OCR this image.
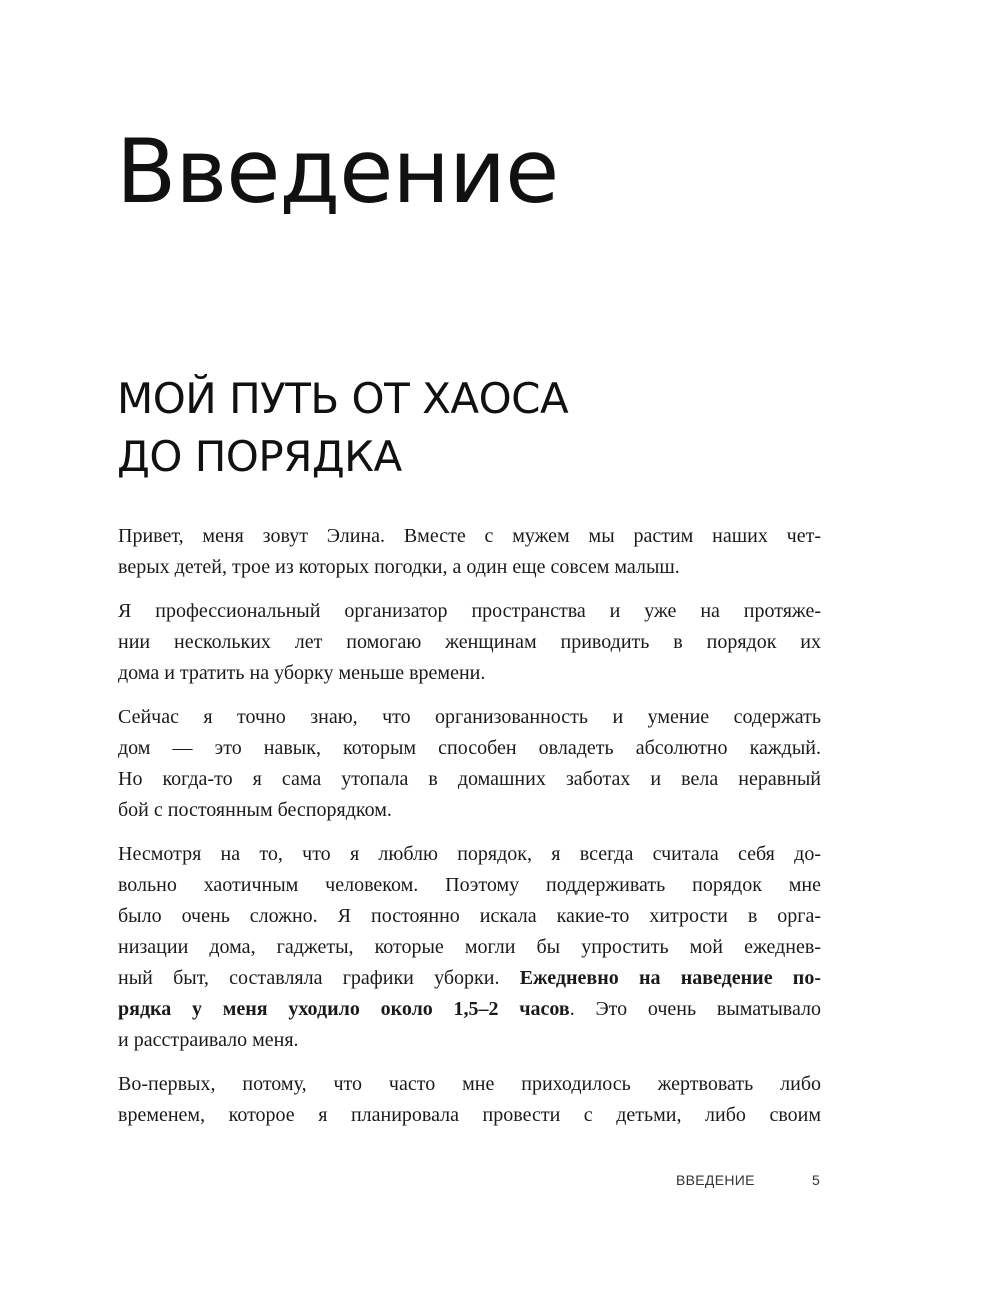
Введение
МОЙ ПУТЬ ОТ ХАОСА
ДО ПОРЯДКА

Привет, меня зовут Элина. Вместе с мужем мы растим наших чет-
верых детей, трое из которых погодки, а один еще совсем малыш.

Я профессиональный организатор пространства и уже на протяже-
нии нескольких лет помогаю женщинам приводить в порядок их
дома и тратить на уборку меньше времени.

Сейчас я точно знаю, что организованность и умение содержать
дом — это навык, которым способен овладеть абсолютно каждый.
Но когда-то я сама утопала в домашних заботах и вела неравный
бой с постоянным беспорядком.

Несмотря на то, что я люблю порядок, я всегда считала себя до-
вольно хаотичным человеком. Поэтому поддерживать порядок мне
было очень сложно. Я постоянно искала какие-то хитрости в орга-
низации дома, гаджеты, которые могли бы упростить мой ежеднев-
ный быт, составляла графики уборки. Ежедневно на наведение по-
рядка у меня уходило около 1,5–2 часов. Это очень выматывало
и расстраивало меня.

Во-первых, потому, что часто мне приходилось жертвовать либо
временем, которое я планировала провести с детьми, либо своим

ВВЕДЕНИЕ	5
